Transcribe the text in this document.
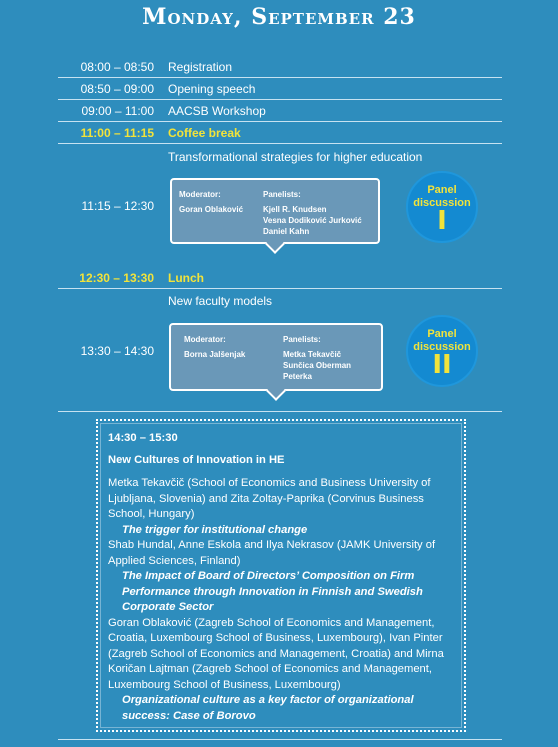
Monday, September 23
08:00 – 08:50 Registration
08:50 – 09:00 Opening speech
09:00 – 11:00 AACSB Workshop
11:00 – 11:15 Coffee break
Transformational strategies for higher education
11:15 – 12:30
Moderator:
Goran Oblaković
Panelists:
Kjell R. Knudsen
Vesna Dodiković Jurković
Daniel Kahn
Panel discussion
I
12:30 – 13:30 Lunch
New faculty models
13:30 – 14:30
Moderator:
Borna Jalšenjak
Panelists:
Metka Tekavčič
Sunčica Oberman
Peterka
Panel discussion
II

14:30 – 15:30

New Cultures of Innovation in HE

Metka Tekavčič (School of Economics and Business University of Ljubljana, Slovenia) and Zita Zoltay-Paprika (Corvinus Business School, Hungary)

The trigger for institutional change

Shab Hundal, Anne Eskola and Ilya Nekrasov (JAMK University of Applied Sciences, Finland)

The Impact of Board of Directors’ Composition on Firm Performance through Innovation in Finnish and Swedish Corporate Sector

Goran Oblaković (Zagreb School of Economics and Management, Croatia, Luxembourg School of Business, Luxembourg), Ivan Pinter (Zagreb School of Economics and Management, Croatia) and Mirna Koričan Lajtman (Zagreb School of Economics and Management, Luxembourg School of Business, Luxembourg)

Organizational culture as a key factor of organizational success: Case of Borovo
